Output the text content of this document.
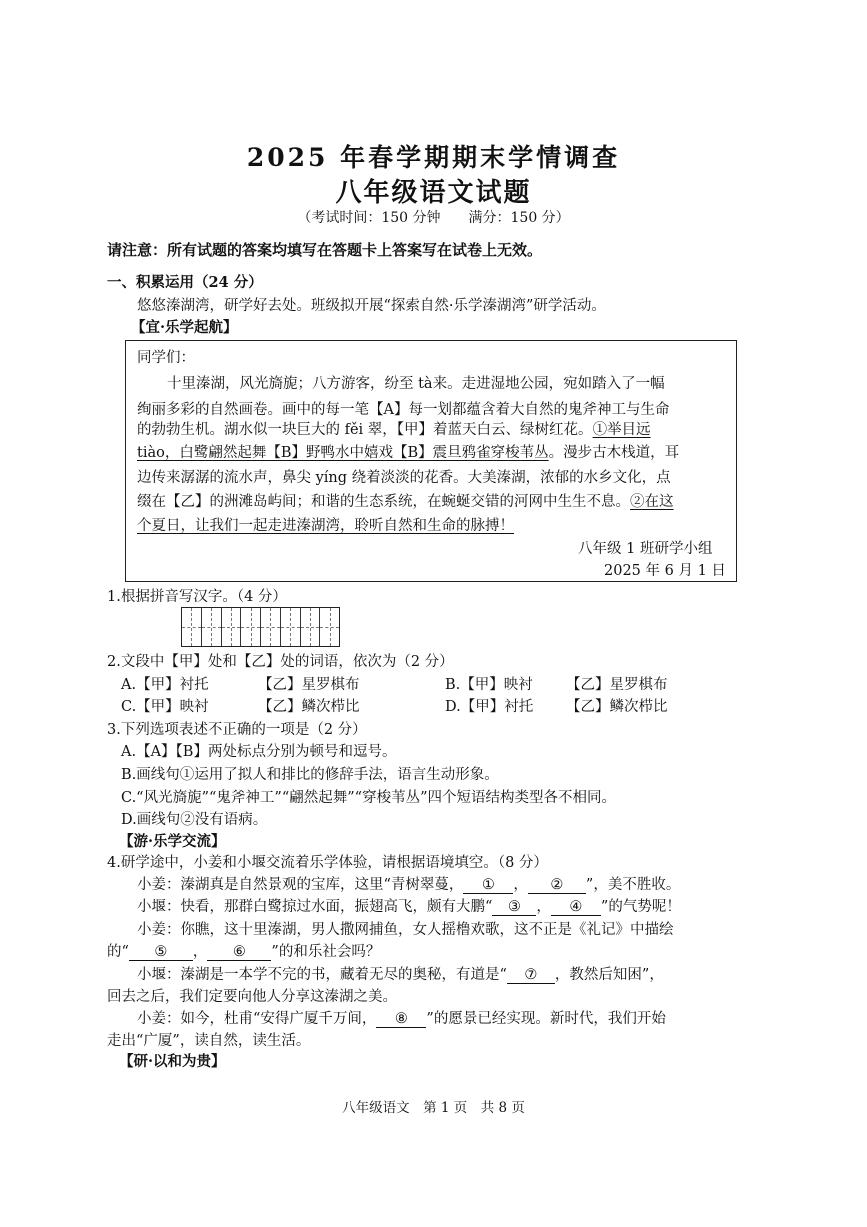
2025 年春学期期末学情调查
八年级语文试题
（考试时间：150 分钟　　满分：150 分）
请注意：所有试题的答案均填写在答题卡上答案写在试卷上无效。
一、积累运用（24 分）
悠悠溱湖湾，研学好去处。班级拟开展“探索自然·乐学溱湖湾”研学活动。
【宜·乐学起航】
同学们：
十里溱湖，风光旖旎；八方游客，纷至 tà来。走进湿地公园，宛如踏入了一幅
绚丽多彩的自然画卷。画中的每一笔【A】每一划都蕴含着大自然的鬼斧神工与生命
的勃勃生机。湖水似一块巨大的 fěi 翠，【甲】着蓝天白云、绿树红花。①举目远
tiào，白鹭翩然起舞【B】野鸭水中嬉戏【B】震旦鸦雀穿梭苇丛。漫步古木栈道，耳
边传来潺潺的流水声，鼻尖 yíng 绕着淡淡的花香。大美溱湖，浓郁的水乡文化，点
缀在【乙】的洲滩岛屿间；和谐的生态系统，在蜿蜒交错的河网中生生不息。②在这
个夏日，让我们一起走进溱湖湾，聆听自然和生命的脉搏！
八年级 1 班研学小组
2025 年 6 月 1 日
1.根据拼音写汉字。（4 分）
2.文段中【甲】处和【乙】处的词语，依次为（2 分）
A.【甲】衬托	【乙】星罗棋布	B.【甲】映衬 【乙】星罗棋布
C.【甲】映衬	【乙】鳞次栉比	D.【甲】衬托 【乙】鳞次栉比
3.下列选项表述不正确的一项是（2 分）
A.【A】【B】两处标点分别为顿号和逗号。
B.画线句①运用了拟人和排比的修辞手法，语言生动形象。
C.“风光旖旎”“鬼斧神工”“翩然起舞”“穿梭苇丛”四个短语结构类型各不相同。
D.画线句②没有语病。
【游·乐学交流】
4.研学途中，小姜和小堰交流着乐学体验，请根据语境填空。（8 分）
小姜：溱湖真是自然景观的宝库，这里“青树翠蔓， ① ， ② ”，美不胜收。
小堰：快看，那群白鹭掠过水面，振翅高飞，颇有大鹏“ ③ ， ④ ”的气势呢！
小姜：你瞧，这十里溱湖，男人撒网捕鱼，女人摇橹欢歌，这不正是《礼记》中描绘
的“ ⑤ ， ⑥ ”的和乐社会吗？
小堰：溱湖是一本学不完的书，藏着无尽的奥秘，有道是“ ⑦ ，教然后知困”，
回去之后，我们定要向他人分享这溱湖之美。
小姜：如今，杜甫“安得广厦千万间， ⑧ ”的愿景已经实现。新时代，我们开始
走出“广厦”，读自然，读生活。
【研·以和为贵】
八年级语文　第 1 页　共 8 页
